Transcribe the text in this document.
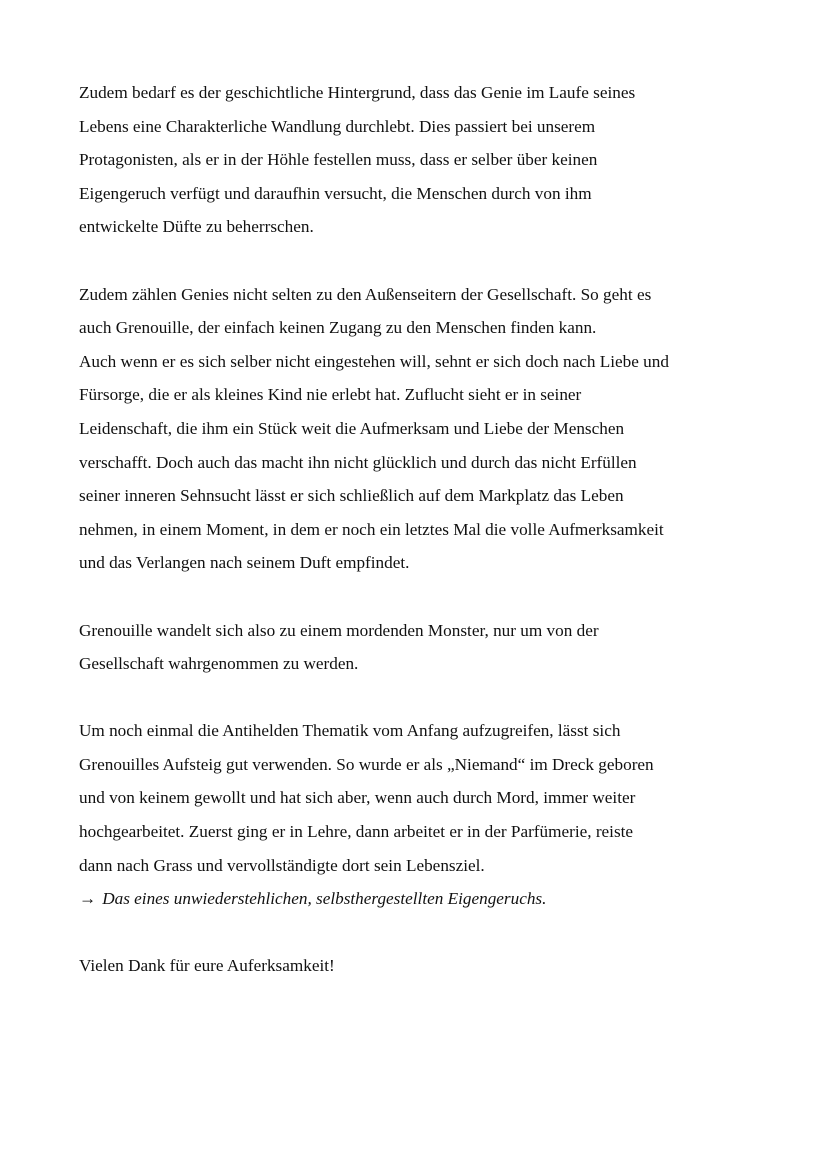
Zudem bedarf es der geschichtliche Hintergrund, dass das Genie im Laufe seines
Lebens eine Charakterliche Wandlung durchlebt. Dies passiert bei unserem
Protagonisten, als er in der Höhle festellen muss, dass er selber über keinen
Eigengeruch verfügt und daraufhin versucht, die Menschen durch von ihm
entwickelte Düfte zu beherrschen.

Zudem zählen Genies nicht selten zu den Außenseitern der Gesellschaft. So geht es
auch Grenouille, der einfach keinen Zugang zu den Menschen finden kann.
Auch wenn er es sich selber nicht eingestehen will, sehnt er sich doch nach Liebe und
Fürsorge, die er als kleines Kind nie erlebt hat. Zuflucht sieht er in seiner
Leidenschaft, die ihm ein Stück weit die Aufmerksam und Liebe der Menschen
verschafft. Doch auch das macht ihn nicht glücklich und durch das nicht Erfüllen
seiner inneren Sehnsucht lässt er sich schließlich auf dem Markplatz das Leben
nehmen, in einem Moment, in dem er noch ein letztes Mal die volle Aufmerksamkeit
und das Verlangen nach seinem Duft empfindet.

Grenouille wandelt sich also zu einem mordenden Monster, nur um von der
Gesellschaft wahrgenommen zu werden.

Um noch einmal die Antihelden Thematik vom Anfang aufzugreifen, lässt sich
Grenouilles Aufsteig gut verwenden. So wurde er als „Niemand“ im Dreck geboren
und von keinem gewollt und hat sich aber, wenn auch durch Mord, immer weiter
hochgearbeitet. Zuerst ging er in Lehre, dann arbeitet er in der Parfümerie, reiste
dann nach Grass und vervollständigte dort sein Lebensziel.
→ Das eines unwiederstehlichen, selbsthergestellten Eigengeruchs.

Vielen Dank für eure Auferksamkeit!
